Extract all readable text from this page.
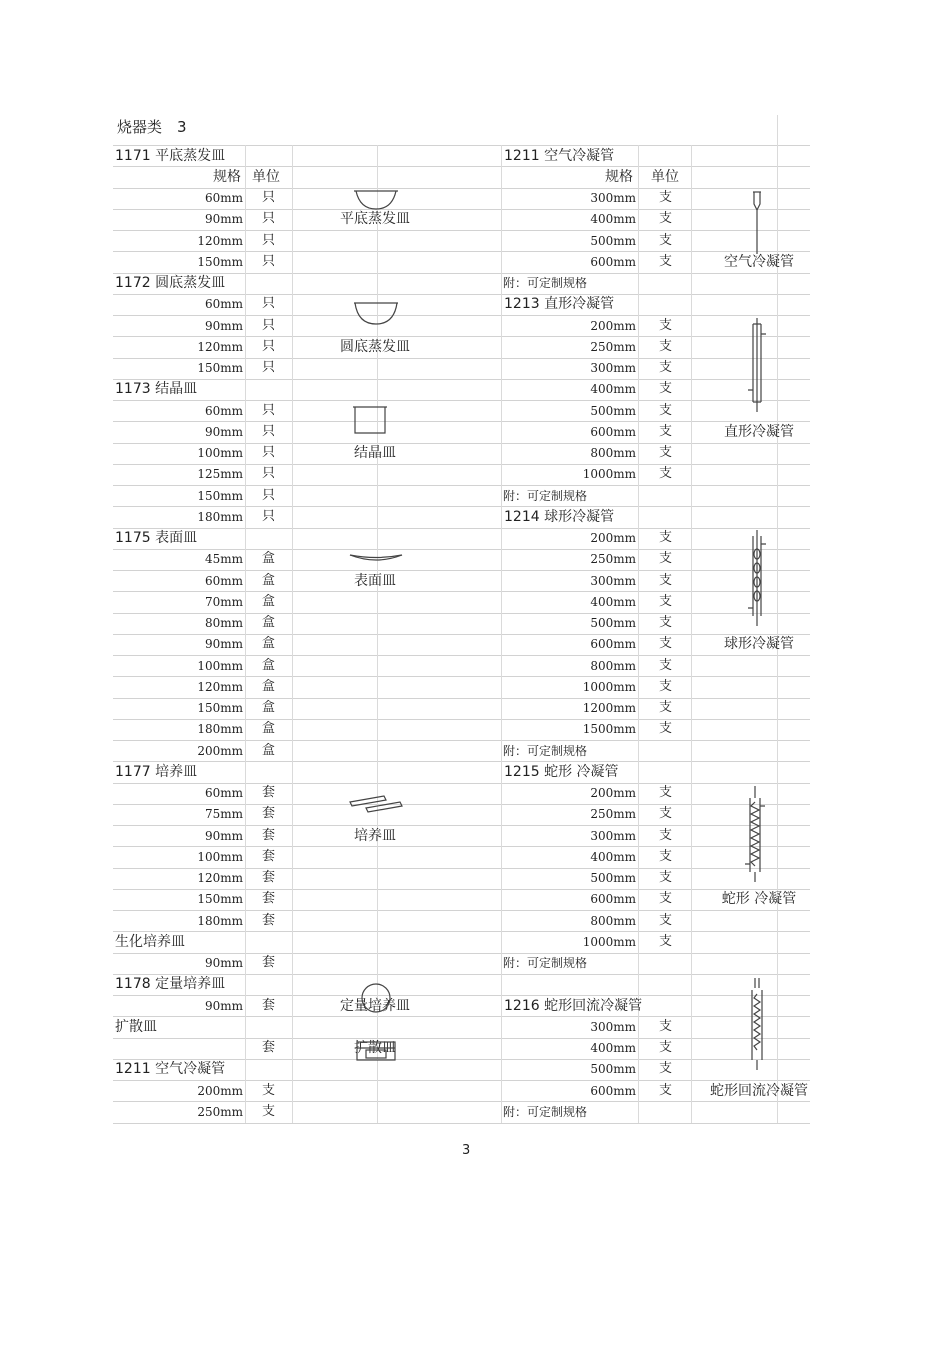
烧器类　3
3
1171 平底蒸发皿
规格 单位
60mm 只
90mm 只
120mm 只
150mm 只
平底蒸发皿
1172 圆底蒸发皿
60mm 只
90mm 只
120mm 只
150mm 只
圆底蒸发皿
1173 结晶皿
60mm 只
90mm 只
100mm 只
125mm 只
150mm 只
180mm 只
结晶皿
1175 表面皿
45mm 盒
60mm 盒
70mm 盒
80mm 盒
90mm 盒
100mm 盒
120mm 盒
150mm 盒
180mm 盒
200mm 盒
表面皿
1177 培养皿
60mm 套
75mm 套
90mm 套
100mm 套
120mm 套
150mm 套
180mm 套
培养皿
生化培养皿
90mm 套
1178 定量培养皿
90mm 套	定量培养皿
扩散皿
套	扩散皿
1211 空气冷凝管
200mm 支
250mm 支
1211 空气冷凝管
规格 单位
300mm 支
400mm 支
500mm 支
600mm 支
附：可定制规格
空气冷凝管
1213 直形冷凝管
200mm 支
250mm 支
300mm 支
400mm 支
500mm 支
600mm 支
800mm 支
1000mm 支
附：可定制规格
直形冷凝管
1214 球形冷凝管
200mm 支
250mm 支
300mm 支
400mm 支
500mm 支
600mm 支
800mm 支
1000mm 支
1200mm 支
1500mm 支
附：可定制规格
球形冷凝管
1215 蛇形 冷凝管
200mm 支
250mm 支
300mm 支
400mm 支
500mm 支
600mm 支
800mm 支
1000mm 支
附：可定制规格
蛇形 冷凝管
1216 蛇形回流冷凝管
300mm 支
400mm 支
500mm 支
600mm 支
附：可定制规格
蛇形回流冷凝管
